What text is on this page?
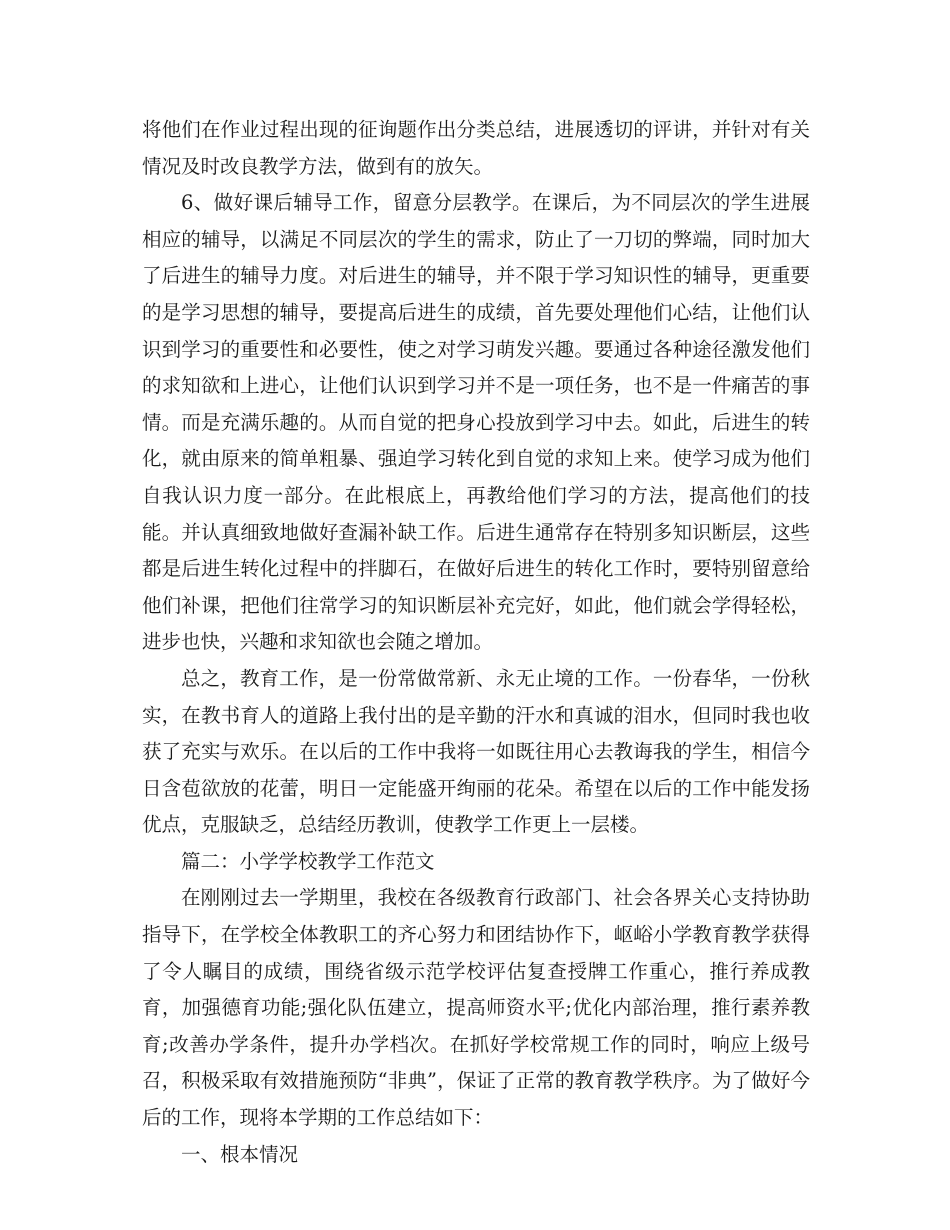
将他们在作业过程出现的征询题作出分类总结，进展透切的评讲，并针对有关情况及时改良教学方法，做到有的放矢。

6、做好课后辅导工作，留意分层教学。在课后，为不同层次的学生进展相应的辅导，以满足不同层次的学生的需求，防止了一刀切的弊端，同时加大了后进生的辅导力度。对后进生的辅导，并不限于学习知识性的辅导，更重要的是学习思想的辅导，要提高后进生的成绩，首先要处理他们心结，让他们认识到学习的重要性和必要性，使之对学习萌发兴趣。要通过各种途径激发他们的求知欲和上进心，让他们认识到学习并不是一项任务，也不是一件痛苦的事情。而是充满乐趣的。从而自觉的把身心投放到学习中去。如此，后进生的转化，就由原来的简单粗暴、强迫学习转化到自觉的求知上来。使学习成为他们自我认识力度一部分。在此根底上，再教给他们学习的方法，提高他们的技能。并认真细致地做好查漏补缺工作。后进生通常存在特别多知识断层，这些都是后进生转化过程中的拌脚石，在做好后进生的转化工作时，要特别留意给他们补课，把他们往常学习的知识断层补充完好，如此，他们就会学得轻松，进步也快，兴趣和求知欲也会随之增加。

总之，教育工作，是一份常做常新、永无止境的工作。一份春华，一份秋实，在教书育人的道路上我付出的是辛勤的汗水和真诚的泪水，但同时我也收获了充实与欢乐。在以后的工作中我将一如既往用心去教诲我的学生，相信今日含苞欲放的花蕾，明日一定能盛开绚丽的花朵。希望在以后的工作中能发扬优点，克服缺乏，总结经历教训，使教学工作更上一层楼。

篇二：小学学校教学工作范文

在刚刚过去一学期里，我校在各级教育行政部门、社会各界关心支持协助指导下，在学校全体教职工的齐心努力和团结协作下，岖峪小学教育教学获得了令人瞩目的成绩，围绕省级示范学校评估复查授牌工作重心，推行养成教育，加强德育功能;强化队伍建立，提高师资水平;优化内部治理，推行素养教育;改善办学条件，提升办学档次。在抓好学校常规工作的同时，响应上级号召，积极采取有效措施预防“非典”，保证了正常的教育教学秩序。为了做好今后的工作，现将本学期的工作总结如下：

一、根本情况
